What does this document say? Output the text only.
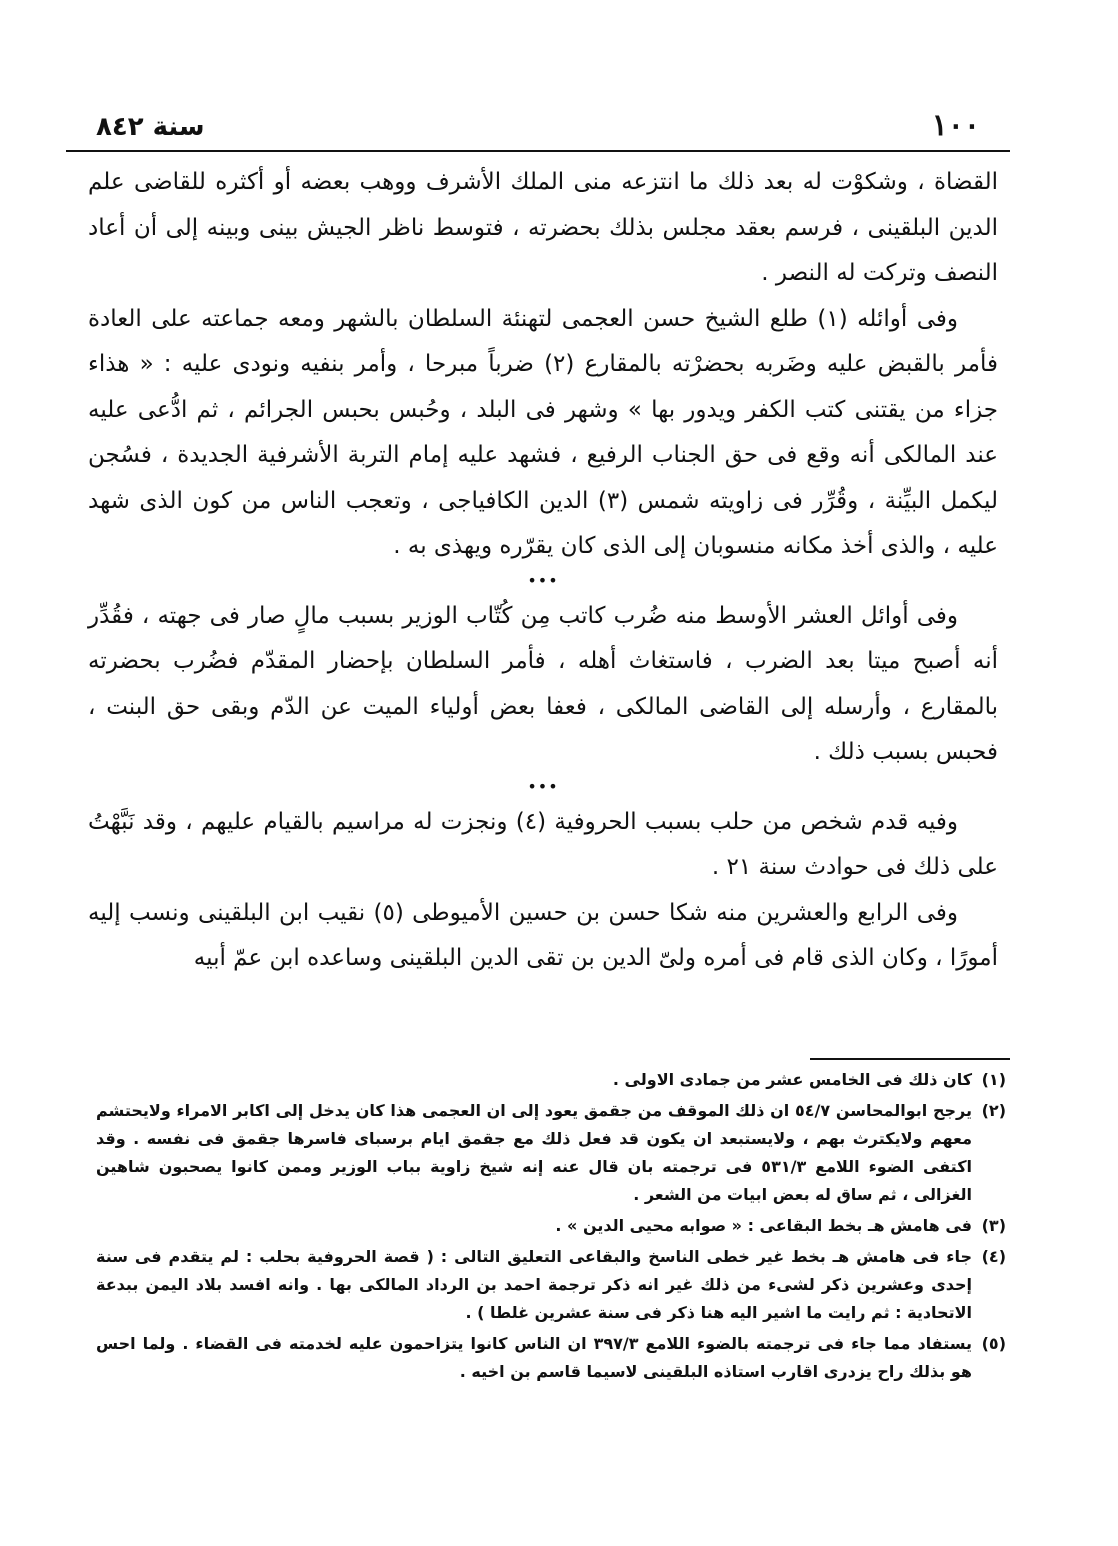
١٠٠
سنة ٨٤٢

القضاة ، وشكوْت له بعد ذلك ما انتزعه منى الملك الأشرف ووهب بعضه أو أكثره للقاضى علم الدين البلقينى ، فرسم بعقد مجلس بذلك بحضرته ، فتوسط ناظر الجيش بينى وبينه إلى أن أعاد النصف وتركت له النصر .

وفى أوائله (١) طلع الشيخ حسن العجمى لتهنئة السلطان بالشهر ومعه جماعته على العادة فأمر بالقبض عليه وضَربه بحضرْته بالمقارع (٢) ضرباً مبرحا ، وأمر بنفيه ونودى عليه : « هذاء جزاء من يقتنى كتب الكفر ويدور بها » وشهر فى البلد ، وحُبس بحبس الجرائم ، ثم ادُّعى عليه عند المالكى أنه وقع فى حق الجناب الرفيع ، فشهد عليه إمام التربة الأشرفية الجديدة ، فسُجن ليكمل البيِّنة ، وقُرِّر فى زاويته شمس (٣) الدين الكافياجى ، وتعجب الناس من كون الذى شهد عليه ، والذى أخذ مكانه منسوبان إلى الذى كان يقرّره ويهذى به .

•••

وفى أوائل العشر الأوسط منه ضُرب كاتب مِن كُتّاب الوزير بسبب مالٍ صار فى جهته ، فقُدِّر أنه أصبح ميتا بعد الضرب ، فاستغاث أهله ، فأمر السلطان بإحضار المقدّم فضُرب بحضرته بالمقارع ، وأرسله إلى القاضى المالكى ، فعفا بعض أولياء الميت عن الدّم وبقى حق البنت ، فحبس بسبب ذلك .

•••

وفيه قدم شخص من حلب بسبب الحروفية (٤) ونجزت له مراسيم بالقيام عليهم ، وقد نَبَّهْتُ على ذلك فى حوادث سنة ٢١ .

وفى الرابع والعشرين منه شكا حسن بن حسين الأميوطى (٥) نقيب ابن البلقينى ونسب إليه أمورًا ، وكان الذى قام فى أمره ولىّ الدين بن تقى الدين البلقينى وساعده ابن عمّ أبيه

(١)
كان ذلك فى الخامس عشر من جمادى الاولى .
(٢)
يرجح ابوالمحاسن ٥٤/٧ ان ذلك الموقف من جقمق يعود إلى ان العجمى هذا كان يدخل إلى اكابر الامراء ولايحتشم معهم ولايكترث بهم ، ولايستبعد ان يكون قد فعل ذلك مع جقمق ايام برسباى فاسرها جقمق فى نفسه . وقد اكتفى الضوء اللامع ٥٣١/٣ فى ترجمته بان قال عنه إنه شيخ زاوية بباب الوزير وممن كانوا يصحبون شاهين الغزالى ، ثم ساق له بعض ابيات من الشعر .
(٣)
فى هامش هـ بخط البقاعى : « صوابه محيى الدين » .
(٤)
جاء فى هامش هـ بخط غير خطى الناسخ والبقاعى التعليق التالى : ( قصة الحروفية بحلب : لم يتقدم فى سنة إحدى وعشرين ذكر لشىء من ذلك غير انه ذكر ترجمة احمد بن الرداد المالكى بها . وانه افسد بلاد اليمن ببدعة الاتحادية : ثم رايت ما اشير اليه هنا ذكر فى سنة عشرين غلطا ) .
(٥)
يستفاد مما جاء فى ترجمته بالضوء اللامع ٣٩٧/٣ ان الناس كانوا يتزاحمون عليه لخدمته فى القضاء . ولما احس هو بذلك راح يزدرى اقارب استاذه البلقينى لاسيما قاسم بن اخيه .
